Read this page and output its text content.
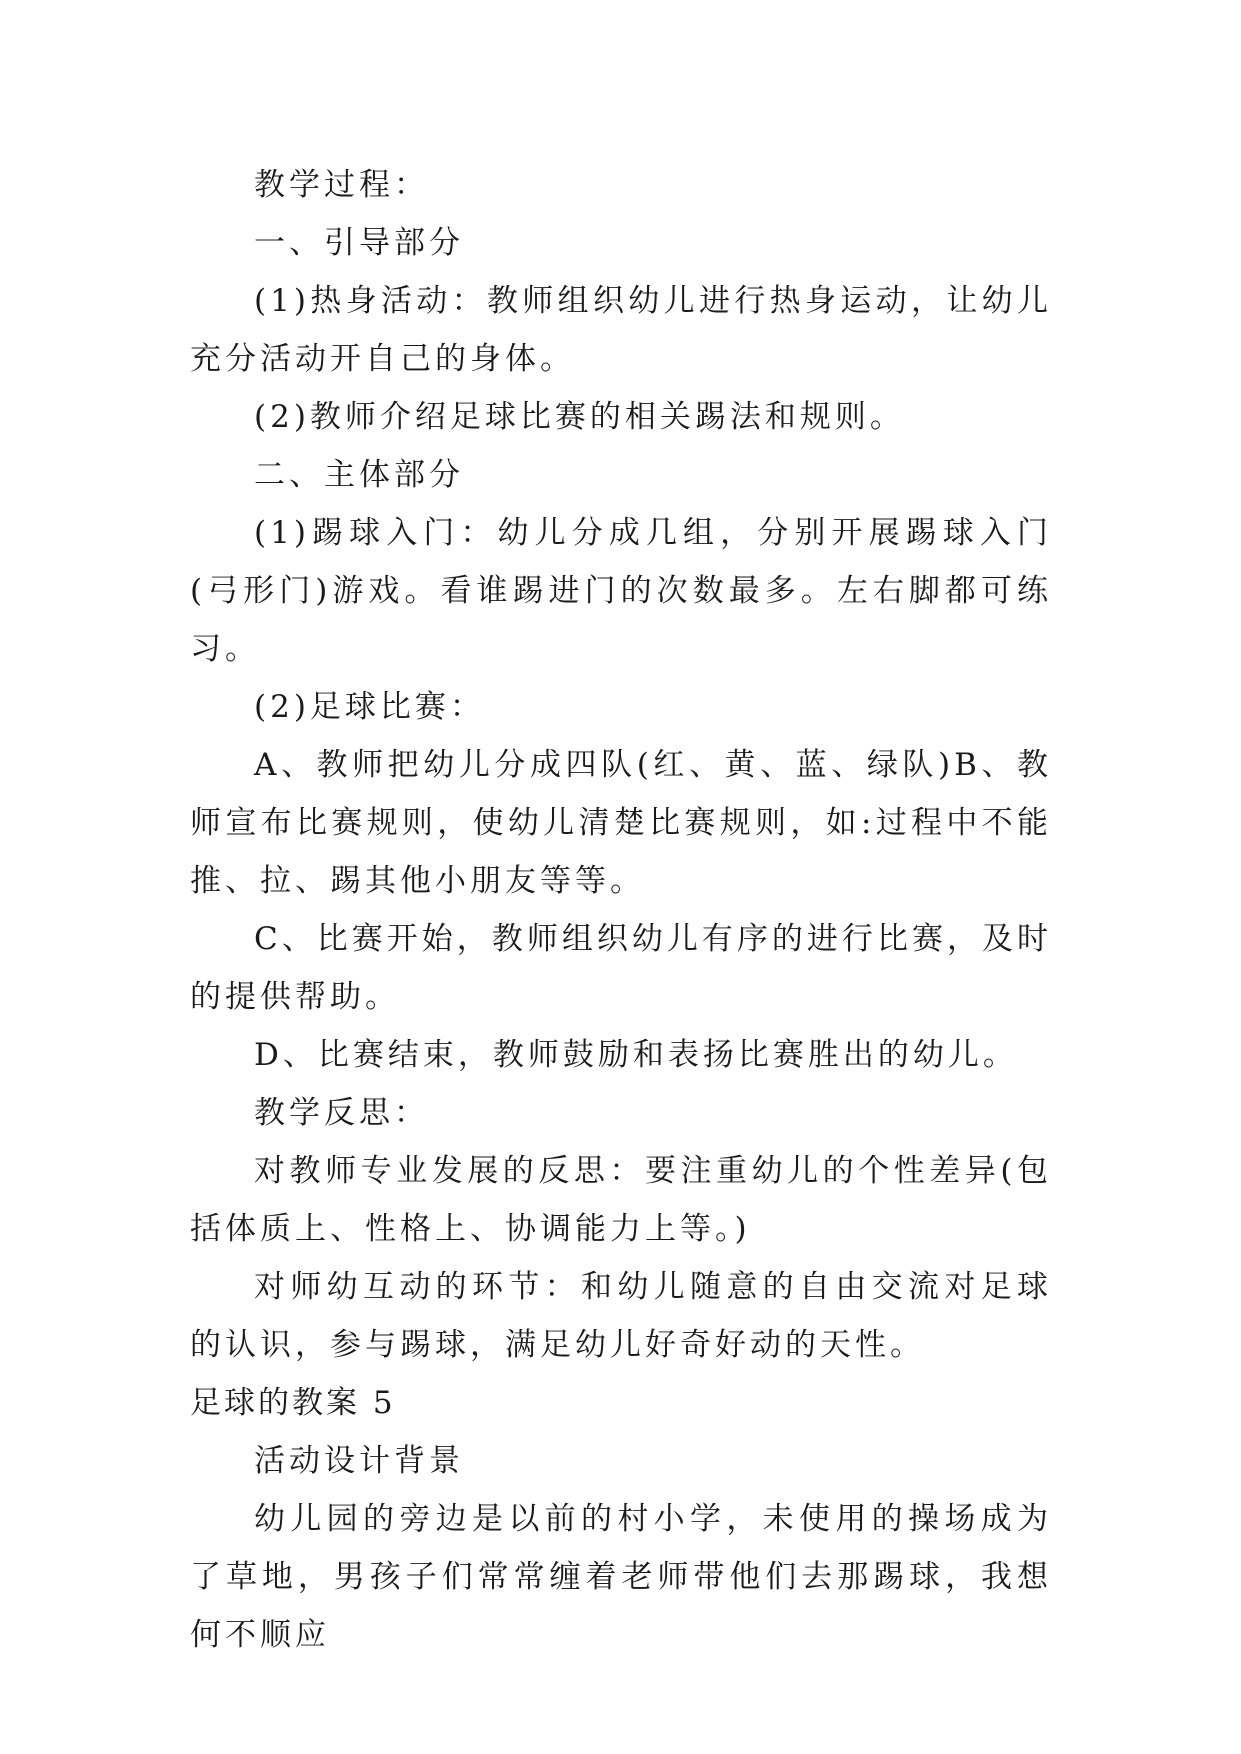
教学过程：

一、引导部分

(1)热身活动：教师组织幼儿进行热身运动，让幼儿充分活动开自己的身体。

(2)教师介绍足球比赛的相关踢法和规则。

二、主体部分

(1)踢球入门：幼儿分成几组，分别开展踢球入门(弓形门)游戏。看谁踢进门的次数最多。左右脚都可练习。

(2)足球比赛：

A、教师把幼儿分成四队(红、黄、蓝、绿队)B、教师宣布比赛规则，使幼儿清楚比赛规则，如:过程中不能推、拉、踢其他小朋友等等。

C、比赛开始，教师组织幼儿有序的进行比赛，及时的提供帮助。

D、比赛结束，教师鼓励和表扬比赛胜出的幼儿。

教学反思：

对教师专业发展的反思：要注重幼儿的个性差异(包括体质上、性格上、协调能力上等。)

对师幼互动的环节：和幼儿随意的自由交流对足球的认识，参与踢球，满足幼儿好奇好动的天性。

足球的教案 5

活动设计背景

幼儿园的旁边是以前的村小学，未使用的操场成为了草地，男孩子们常常缠着老师带他们去那踢球，我想何不顺应
